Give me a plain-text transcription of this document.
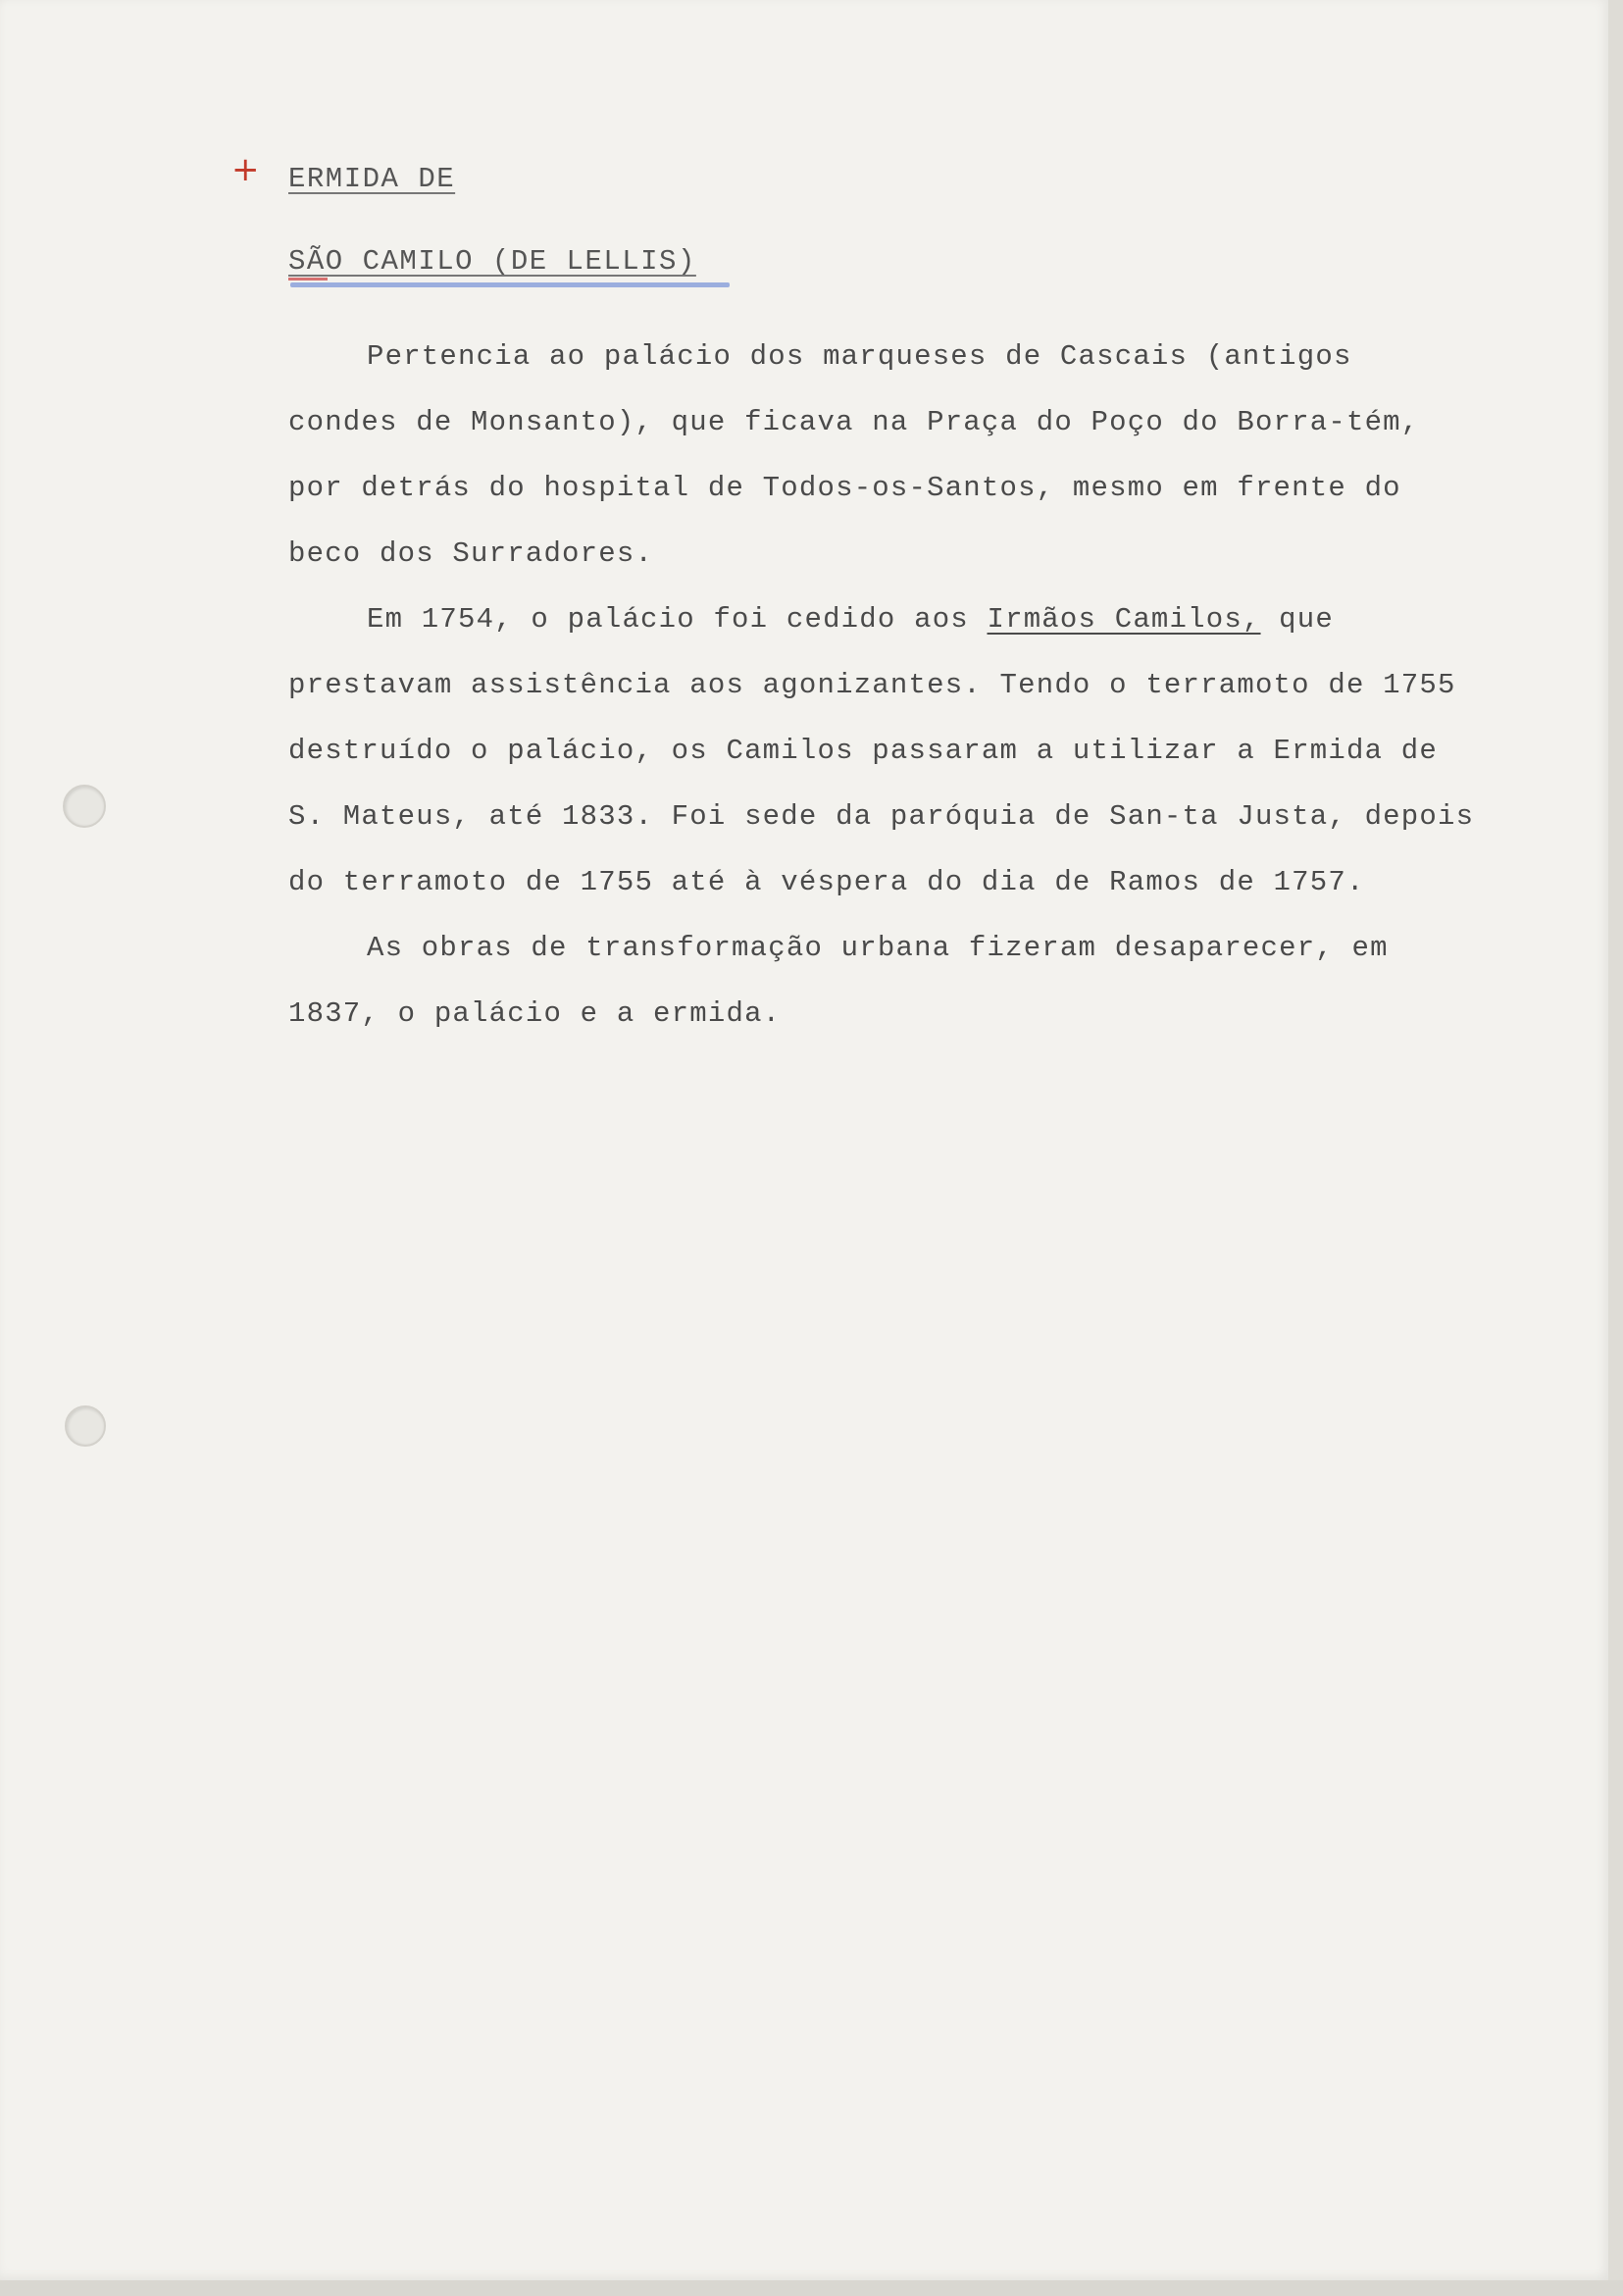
+ ERMIDA DE
SÃO CAMILO (DE LELLIS)

Pertencia ao palácio dos marqueses de Cascais (antigos condes de Monsanto), que ficava na Praça do Poço do Borra-tém, por detrás do hospital de Todos-os-Santos, mesmo em frente do beco dos Surradores.

Em 1754, o palácio foi cedido aos Irmãos Camilos, que prestavam assistência aos agonizantes. Tendo o terramoto de 1755 destruído o palácio, os Camilos passaram a utilizar a Ermida de S. Mateus, até 1833. Foi sede da paróquia de San-ta Justa, depois do terramoto de 1755 até à véspera do dia de Ramos de 1757.

As obras de transformação urbana fizeram desaparecer, em 1837, o palácio e a ermida.
